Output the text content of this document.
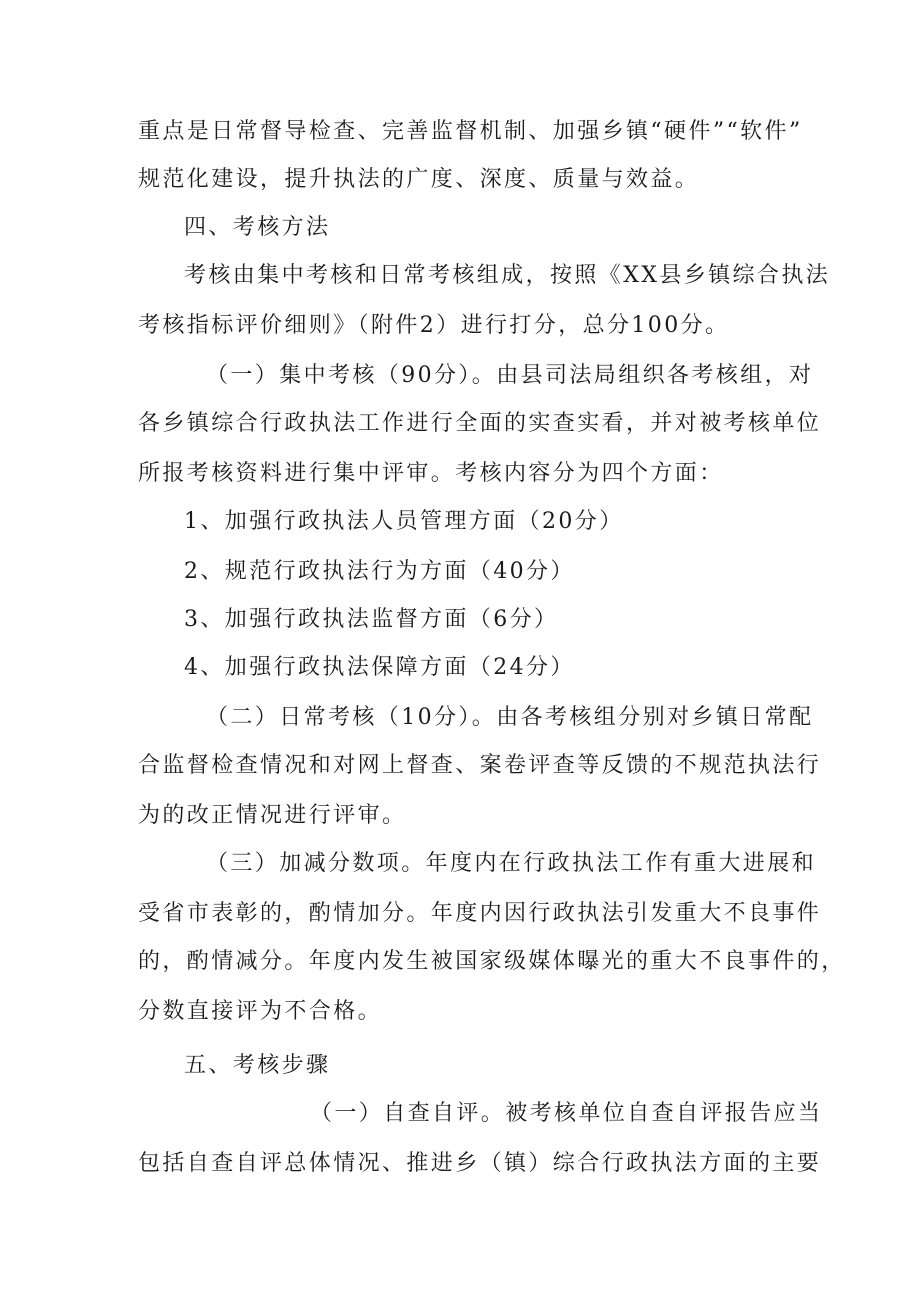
重点是日常督导检查、完善监督机制、加强乡镇“硬件”“软件”
规范化建设，提升执法的广度、深度、质量与效益。
四、考核方法
考核由集中考核和日常考核组成，按照《XX县乡镇综合执法
考核指标评价细则》（附件2）进行打分，总分100分。
（一）集中考核（90分）。由县司法局组织各考核组，对
各乡镇综合行政执法工作进行全面的实查实看，并对被考核单位
所报考核资料进行集中评审。考核内容分为四个方面：
1、加强行政执法人员管理方面（20分）
2、规范行政执法行为方面（40分）
3、加强行政执法监督方面（6分）
4、加强行政执法保障方面（24分）
（二）日常考核（10分）。由各考核组分别对乡镇日常配
合监督检查情况和对网上督查、案卷评查等反馈的不规范执法行
为的改正情况进行评审。
（三）加减分数项。年度内在行政执法工作有重大进展和
受省市表彰的，酌情加分。年度内因行政执法引发重大不良事件
的，酌情减分。年度内发生被国家级媒体曝光的重大不良事件的，
分数直接评为不合格。
五、考核步骤
（一）自查自评。被考核单位自查自评报告应当
包括自查自评总体情况、推进乡（镇）综合行政执法方面的主要
